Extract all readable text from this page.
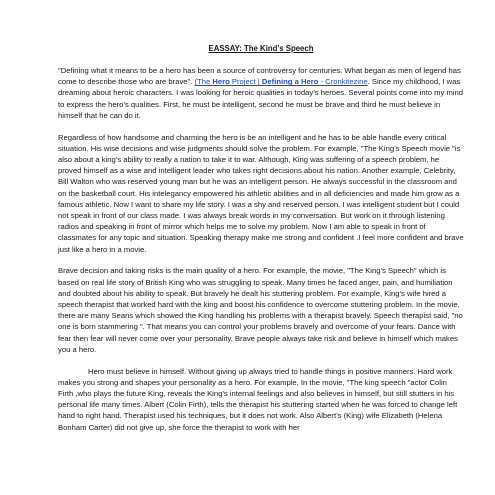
EASSAY: The Kind’s Speech

"Defining what it means to be a hero has been a source of controversy for centuries. What began as men of legend has come to describe those who are brave". (The Hero Project | Defining a Hero - Cronkitezine. Since my childhood, I was dreaming about heroic characters. I was looking for heroic qualities in today’s heroes. Several points come into my mind to express the hero’s qualities. First, he must be intelligent, second he must be brave and third he must believe in himself that he can do it.

Regardless of how handsome and charming the hero is be an intelligent and he has to be able handle every critical situation. His wise decisions and wise judgments should solve the problem. For example, "The King’s Speech movie "is also about a king’s ability to really a nation to take it to war. Although, King was suffering of a speech problem, he proved himself as a wise and intelligent leader who takes right decisions about his nation. Another example, Celebrity, Bill Walton who was reserved young man but he was an intelligent person. He always successful in the classroom and on the basketball court. His intelegancy empowered his athletic abilities and in all deficiencies and made him grow as a famous athletic. Now I want to share my life story. I was a shy and reserved person. I was intelligent student but I could not speak in front of our class made. I was always break words in my conversation. But work on it through listening radios and speaking in front of mirror which helps me to solve my problem. Now I am able to speak in front of classmates for any topic and situation. Speaking therapy make me strong and confident .I feel more confident and brave just like a hero in a movie.

Brave decision and taking risks is the main quality of a hero. For example, the movie, "The King’s Speech" which is based on real life story of British King who was struggling to speak. Many times he faced anger, pain, and humiliation and doubted about his ability to speak. But bravely he dealt his stuttering problem. For example, King’s wife hired a speech therapist that worked hard with the king and boost his confidence to overcome stuttering problem. In the movie, there are many Seans which showed the King handling his problems with a therapist bravely. Speech therapist said, "no one is born stammering ". That means you can control your problems bravely and overcome of your fears. Dance with fear then fear will never come over your personality. Brave people always take risk and believe in himself which makes you a hero.

Hero must believe in himself. Without giving up always tried to handle things in positive manners. Hard work makes you strong and shapes your personality as a hero. For example, In the movie, "The king speech "actor Colin Firth ,who plays the future King, reveals the King’s internal feelings and also believes in himself, but still stutters in his personal life many times. Albert (Colin Firth), tells the therapist his stuttering started when he was forced to change left hand to right hand. Therapist used his techniques, but it does not work. Also Albert’s (King) wife Elizabeth (Helena Bonham Carter) did not give up, she force the therapist to work with her
